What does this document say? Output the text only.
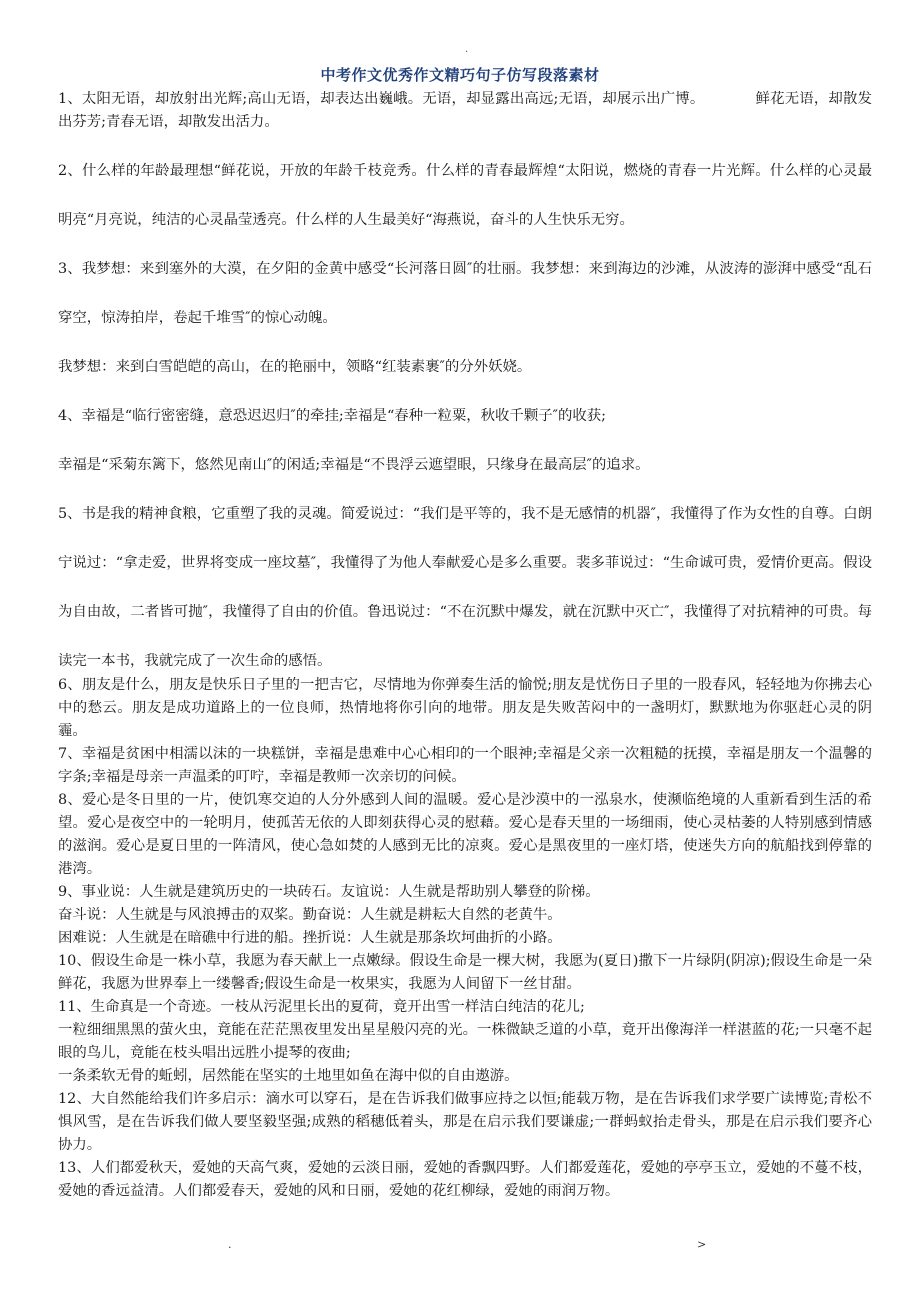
.
中考作文优秀作文精巧句子仿写段落素材

1、太阳无语，却放射出光辉;高山无语，却表达出巍峨。无语，却显露出高远;无语，却展示出广博。　　　　鲜花无语，却散发出芬芳;青春无语，却散发出活力。

2、什么样的年龄最理想“鲜花说，开放的年龄千枝竞秀。什么样的青春最辉煌“太阳说，燃烧的青春一片光辉。什么样的心灵最明亮“月亮说，纯洁的心灵晶莹透亮。什么样的人生最美好“海燕说，奋斗的人生快乐无穷。

3、我梦想：来到塞外的大漠，在夕阳的金黄中感受“长河落日圆″的壮丽。我梦想：来到海边的沙滩，从波涛的澎湃中感受“乱石穿空，惊涛拍岸，卷起千堆雪″的惊心动魄。

我梦想：来到白雪皑皑的高山，在的艳丽中，领略“红装素裹″的分外妖娆。

4、幸福是“临行密密缝，意恐迟迟归″的牵挂;幸福是“春种一粒粟，秋收千颗子″的收获;

幸福是“采菊东篱下，悠然见南山″的闲适;幸福是“不畏浮云遮望眼，只缘身在最高层″的追求。

5、书是我的精神食粮，它重塑了我的灵魂。简爱说过：“我们是平等的，我不是无感情的机器″，我懂得了作为女性的自尊。白朗宁说过：“拿走爱，世界将变成一座坟墓″，我懂得了为他人奉献爱心是多么重要。裴多菲说过：“生命诚可贵，爱情价更高。假设为自由故，二者皆可抛″，我懂得了自由的价值。鲁迅说过：“不在沉默中爆发，就在沉默中灭亡″，我懂得了对抗精神的可贵。每读完一本书，我就完成了一次生命的感悟。

6、朋友是什么，朋友是快乐日子里的一把吉它，尽情地为你弹奏生活的愉悦;朋友是忧伤日子里的一股春风，轻轻地为你拂去心中的愁云。朋友是成功道路上的一位良师，热情地将你引向的地带。朋友是失败苦闷中的一盏明灯，默默地为你驱赶心灵的阴霾。

7、幸福是贫困中相濡以沫的一块糕饼，幸福是患难中心心相印的一个眼神;幸福是父亲一次粗糙的抚摸，幸福是朋友一个温馨的字条;幸福是母亲一声温柔的叮咛，幸福是教师一次亲切的问候。

8、爱心是冬日里的一片，使饥寒交迫的人分外感到人间的温暖。爱心是沙漠中的一泓泉水，使濒临绝境的人重新看到生活的希望。爱心是夜空中的一轮明月，使孤苦无依的人即刻获得心灵的慰藉。爱心是春天里的一场细雨，使心灵枯萎的人特别感到情感的滋润。爱心是夏日里的一阵清风，使心急如焚的人感到无比的凉爽。爱心是黑夜里的一座灯塔，使迷失方向的航船找到停靠的港湾。

9、事业说：人生就是建筑历史的一块砖石。友谊说：人生就是帮助别人攀登的阶梯。

奋斗说：人生就是与风浪搏击的双桨。勤奋说：人生就是耕耘大自然的老黄牛。

困难说：人生就是在暗礁中行进的船。挫折说：人生就是那条坎坷曲折的小路。

10、假设生命是一株小草，我愿为春天献上一点嫩绿。假设生命是一棵大树，我愿为(夏日)撒下一片绿阴(阴凉);假设生命是一朵鲜花，我愿为世界奉上一缕馨香;假设生命是一枚果实，我愿为人间留下一丝甘甜。

11、生命真是一个奇迹。一枝从污泥里长出的夏荷，竟开出雪一样洁白纯洁的花儿;

一粒细细黑黑的萤火虫，竟能在茫茫黑夜里发出星星般闪亮的光。一株微缺乏道的小草，竟开出像海洋一样湛蓝的花;一只毫不起眼的鸟儿，竟能在枝头唱出远胜小提琴的夜曲;

一条柔软无骨的蚯蚓，居然能在坚实的土地里如鱼在海中似的自由遨游。

12、大自然能给我们许多启示：滴水可以穿石，是在告诉我们做事应持之以恒;能载万物，是在告诉我们求学要广读博览;青松不惧风雪，是在告诉我们做人要坚毅坚强;成熟的稻穗低着头，那是在启示我们要谦虚;一群蚂蚁抬走骨头，那是在启示我们要齐心协力。

13、人们都爱秋天，爱她的天高气爽，爱她的云淡日丽，爱她的香飘四野。人们都爱莲花，爱她的亭亭玉立，爱她的不蔓不枝，爱她的香远益清。人们都爱春天，爱她的风和日丽，爱她的花红柳绿，爱她的雨润万物。

.	>
